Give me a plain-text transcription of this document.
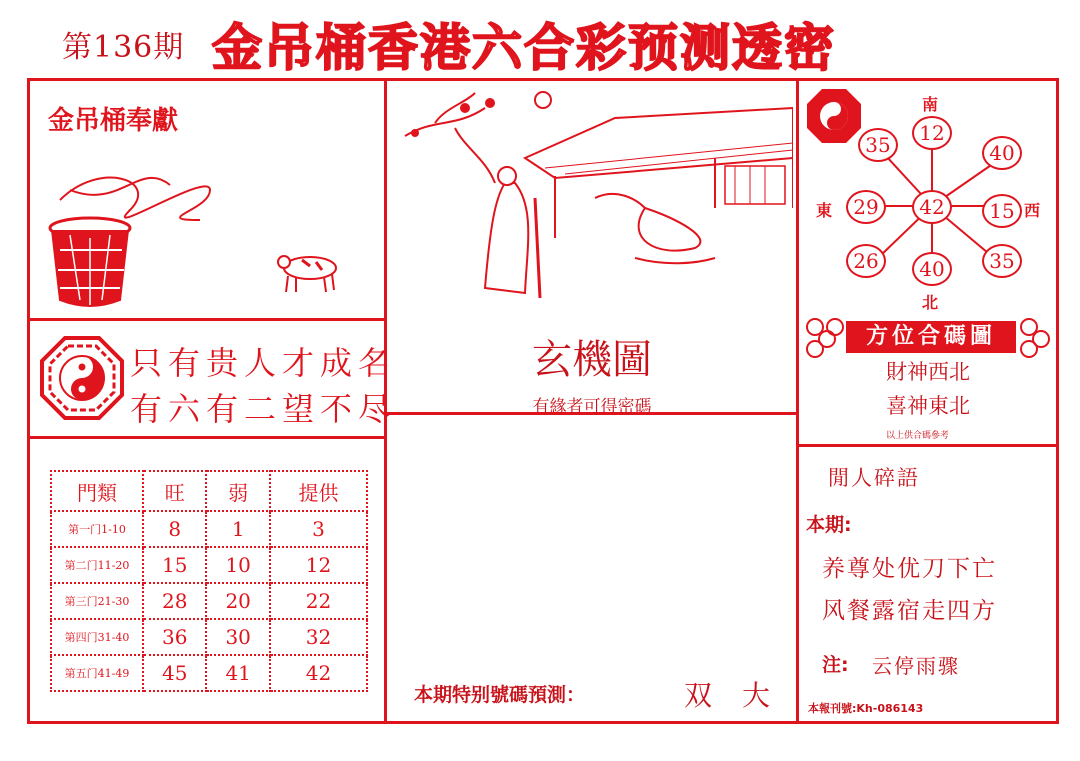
第136期 金吊桶香港六合彩预测透密
金吊桶奉獻
只有贵人才成名
有六有二望不尽
門類	旺	弱	提供
第一门1-10	8	1	3
第二门11-20	15	10	12
第三门21-30	28	20	22
第四门31-40	36	30	32
第五门41-49	45	41	42
玄機圖
有緣者可得密碼
本期特别號碼預測：	双 大
南
北
東	西
12
35	40
29	42	15
26	40	35
方位合碼圖
財神西北
喜神東北
以上供合碼參考
閒人碎語
本期:
养尊处优刀下亡
风餐露宿走四方
注: 云停雨骤
本報刊號:Kh-086143
